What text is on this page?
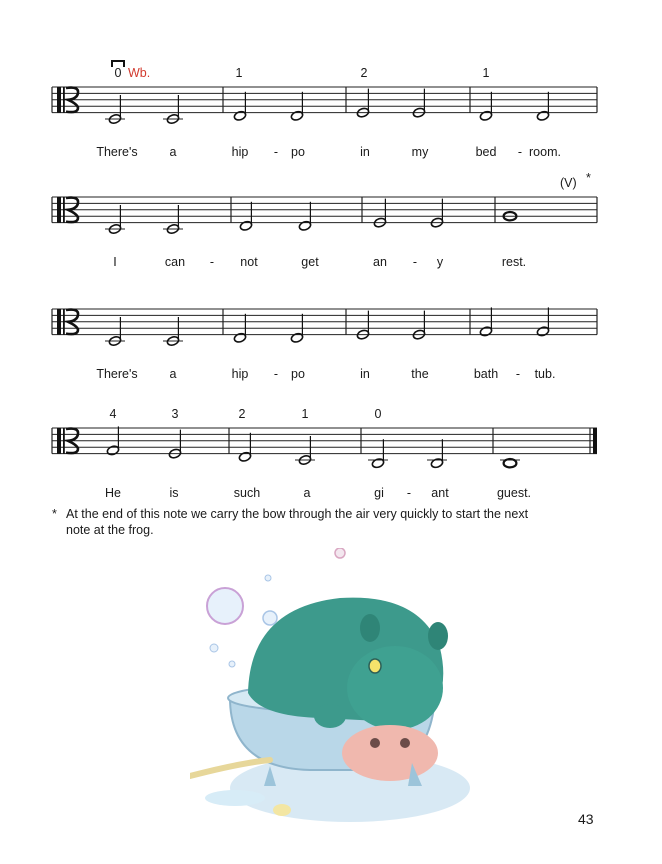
There's	a	hip - po	in	my	bed - room.
0	1	2	1
Wb.
I	can - not	get	an - y	rest.
(V) *
There's	a	hip - po	in	the	bath - tub.
He	is	such	a	gi - ant	guest.
4	3	2	1	0
* At the end of this note we carry the bow through the air very quickly to start the next note at the frog.
43
